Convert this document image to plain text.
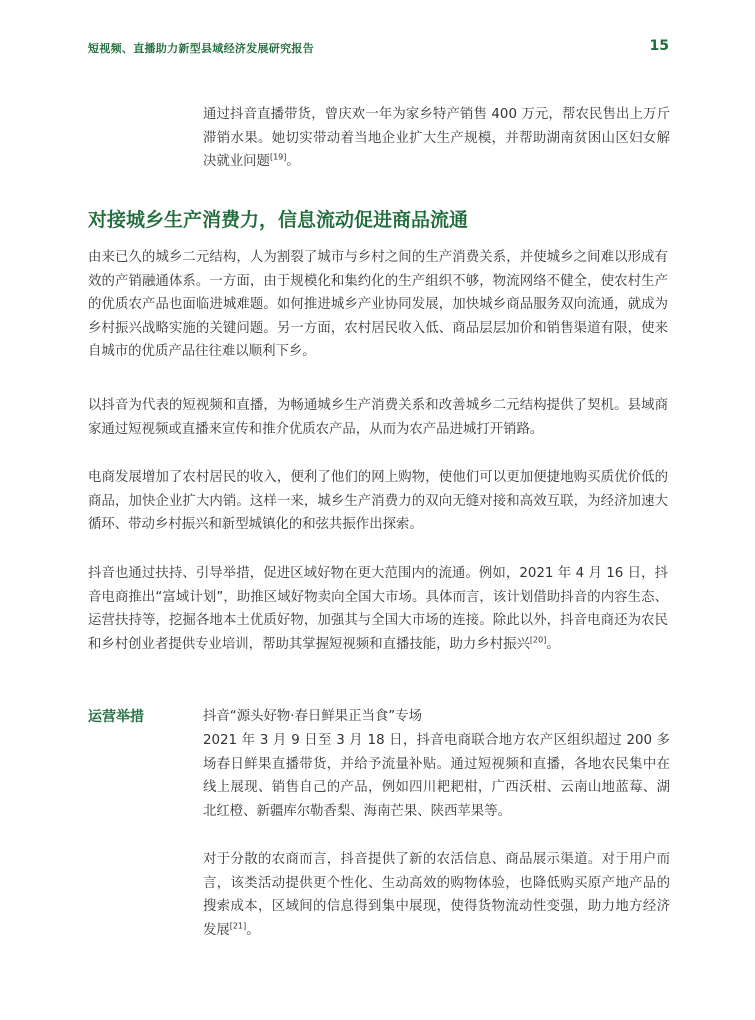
短视频、直播助力新型县域经济发展研究报告	15

通过抖音直播带货，曾庆欢一年为家乡特产销售 400 万元，帮农民售出上万斤滞销水果。她切实带动着当地企业扩大生产规模，并帮助湖南贫困山区妇女解决就业问题[19]。

对接城乡生产消费力，信息流动促进商品流通

由来已久的城乡二元结构，人为割裂了城市与乡村之间的生产消费关系，并使城乡之间难以形成有效的产销融通体系。一方面，由于规模化和集约化的生产组织不够，物流网络不健全，使农村生产的优质农产品也面临进城难题。如何推进城乡产业协同发展，加快城乡商品服务双向流通，就成为乡村振兴战略实施的关键问题。另一方面，农村居民收入低、商品层层加价和销售渠道有限，使来自城市的优质产品往往难以顺利下乡。

以抖音为代表的短视频和直播，为畅通城乡生产消费关系和改善城乡二元结构提供了契机。县域商家通过短视频或直播来宣传和推介优质农产品，从而为农产品进城打开销路。

电商发展增加了农村居民的收入，便利了他们的网上购物，使他们可以更加便捷地购买质优价低的商品，加快企业扩大内销。这样一来，城乡生产消费力的双向无缝对接和高效互联，为经济加速大循环、带动乡村振兴和新型城镇化的和弦共振作出探索。

抖音也通过扶持、引导举措，促进区域好物在更大范围内的流通。例如，2021 年 4 月 16 日，抖音电商推出“富域计划”，助推区域好物卖向全国大市场。具体而言，该计划借助抖音的内容生态、运营扶持等，挖掘各地本土优质好物，加强其与全国大市场的连接。除此以外，抖音电商还为农民和乡村创业者提供专业培训，帮助其掌握短视频和直播技能，助力乡村振兴[20]。

运营举措	抖音“源头好物·春日鲜果正当食”专场

2021 年 3 月 9 日至 3 月 18 日，抖音电商联合地方农产区组织超过 200 多场春日鲜果直播带货，并给予流量补贴。通过短视频和直播，各地农民集中在线上展现、销售自己的产品，例如四川耙耙柑，广西沃柑、云南山地蓝莓、湖北红橙、新疆库尔勒香梨、海南芒果、陕西苹果等。

对于分散的农商而言，抖音提供了新的农活信息、商品展示渠道。对于用户而言，该类活动提供更个性化、生动高效的购物体验，也降低购买原产地产品的搜索成本，区域间的信息得到集中展现，使得货物流动性变强，助力地方经济发展[21]。
